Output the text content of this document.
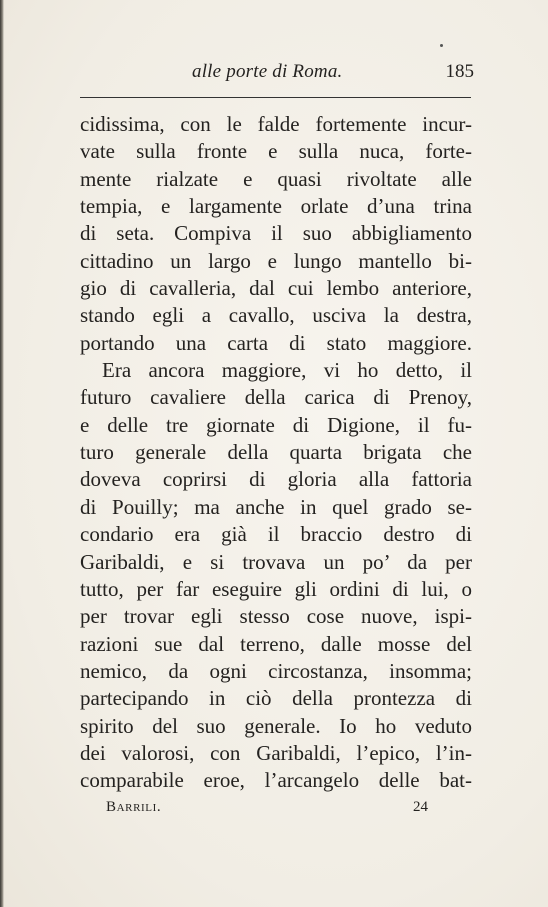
alle porte di Roma.	185
cidissima, con le falde fortemente incur-
vate sulla fronte e sulla nuca, forte-
mente rialzate e quasi rivoltate alle
tempia, e largamente orlate d’una trina
di seta. Compiva il suo abbigliamento
cittadino un largo e lungo mantello bi-
gio di cavalleria, dal cui lembo anteriore,
stando egli a cavallo, usciva la destra,
portando una carta di stato maggiore.
Era ancora maggiore, vi ho detto, il
futuro cavaliere della carica di Prenoy,
e delle tre giornate di Digione, il fu-
turo generale della quarta brigata che
doveva coprirsi di gloria alla fattoria
di Pouilly; ma anche in quel grado se-
condario era già il braccio destro di
Garibaldi, e si trovava un po’ da per
tutto, per far eseguire gli ordini di lui, o
per trovar egli stesso cose nuove, ispi-
razioni sue dal terreno, dalle mosse del
nemico, da ogni circostanza, insomma;
partecipando in ciò della prontezza di
spirito del suo generale. Io ho veduto
dei valorosi, con Garibaldi, l’epico, l’in-
comparabile eroe, l’arcangelo delle bat-
Barrili.	24
